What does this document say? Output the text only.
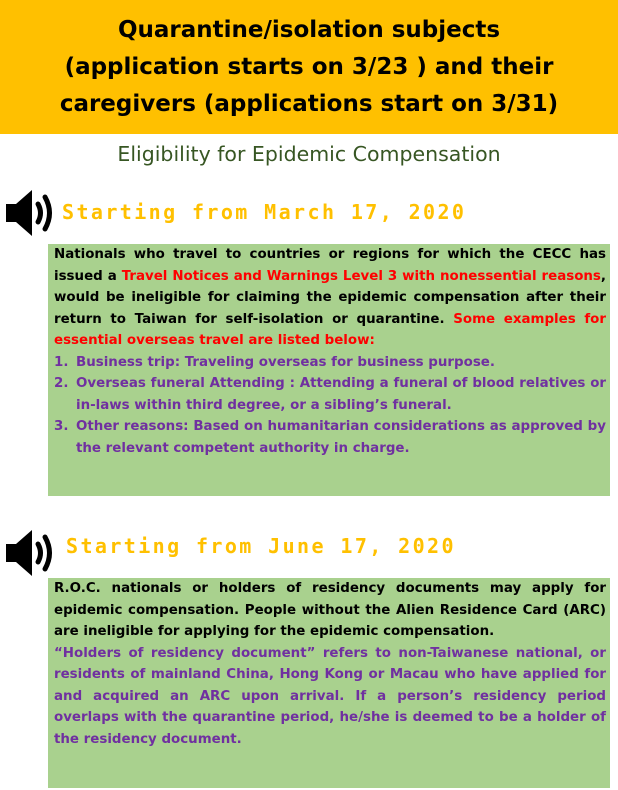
Quarantine/isolation subjects
(application starts on 3/23 ) and their
caregivers (applications start on 3/31)
Eligibility for Epidemic Compensation
Starting from March 17, 2020
Nationals who travel to countries or regions for which the CECC has issued a Travel Notices and Warnings Level 3 with nonessential reasons, would be ineligible for claiming the epidemic compensation after their return to Taiwan for self-isolation or quarantine. Some examples for essential overseas travel are listed below:
1. Business trip: Traveling overseas for business purpose.
2. Overseas funeral Attending : Attending a funeral of blood relatives or in-laws within third degree, or a sibling’s funeral.
3. Other reasons: Based on humanitarian considerations as approved by the relevant competent authority in charge.
Starting from June 17, 2020
R.O.C. nationals or holders of residency documents may apply for epidemic compensation. People without the Alien Residence Card (ARC) are ineligible for applying for the epidemic compensation.
“Holders of residency document” refers to non-Taiwanese national, or residents of mainland China, Hong Kong or Macau who have applied for and acquired an ARC upon arrival. If a person’s residency period overlaps with the quarantine period, he/she is deemed to be a holder of the residency document.
